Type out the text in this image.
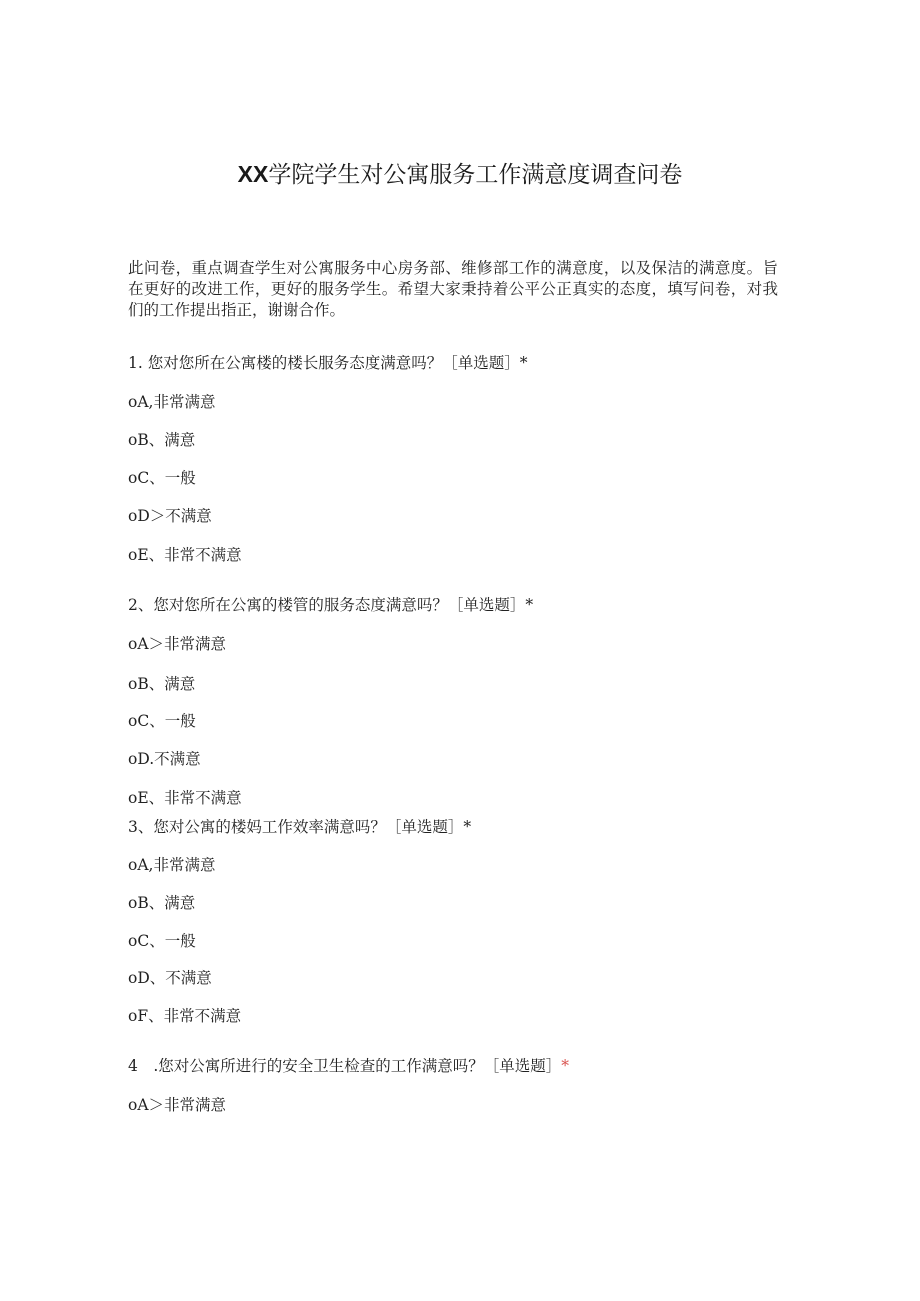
XX学院学生对公寓服务工作满意度调查问卷
此问卷，重点调查学生对公寓服务中心房务部、维修部工作的满意度，以及保洁的满意度。旨在更好的改进工作，更好的服务学生。希望大家秉持着公平公正真实的态度，填写问卷，对我们的工作提出指正，谢谢合作。
1. 您对您所在公寓楼的楼长服务态度满意吗？［单选题］*
oA,非常满意
oB、满意
oC、一般
oD＞不满意
oE、非常不满意
2、您对您所在公寓的楼管的服务态度满意吗？［单选题］*
oA＞非常满意
oB、满意
oC、一般
oD.不满意
oE、非常不满意
3、您对公寓的楼妈工作效率满意吗？［单选题］*
oA,非常满意
oB、满意
oC、一般
oD、不满意
oF、非常不满意
4　.您对公寓所进行的安全卫生检查的工作满意吗？［单选题］*
oA＞非常满意
